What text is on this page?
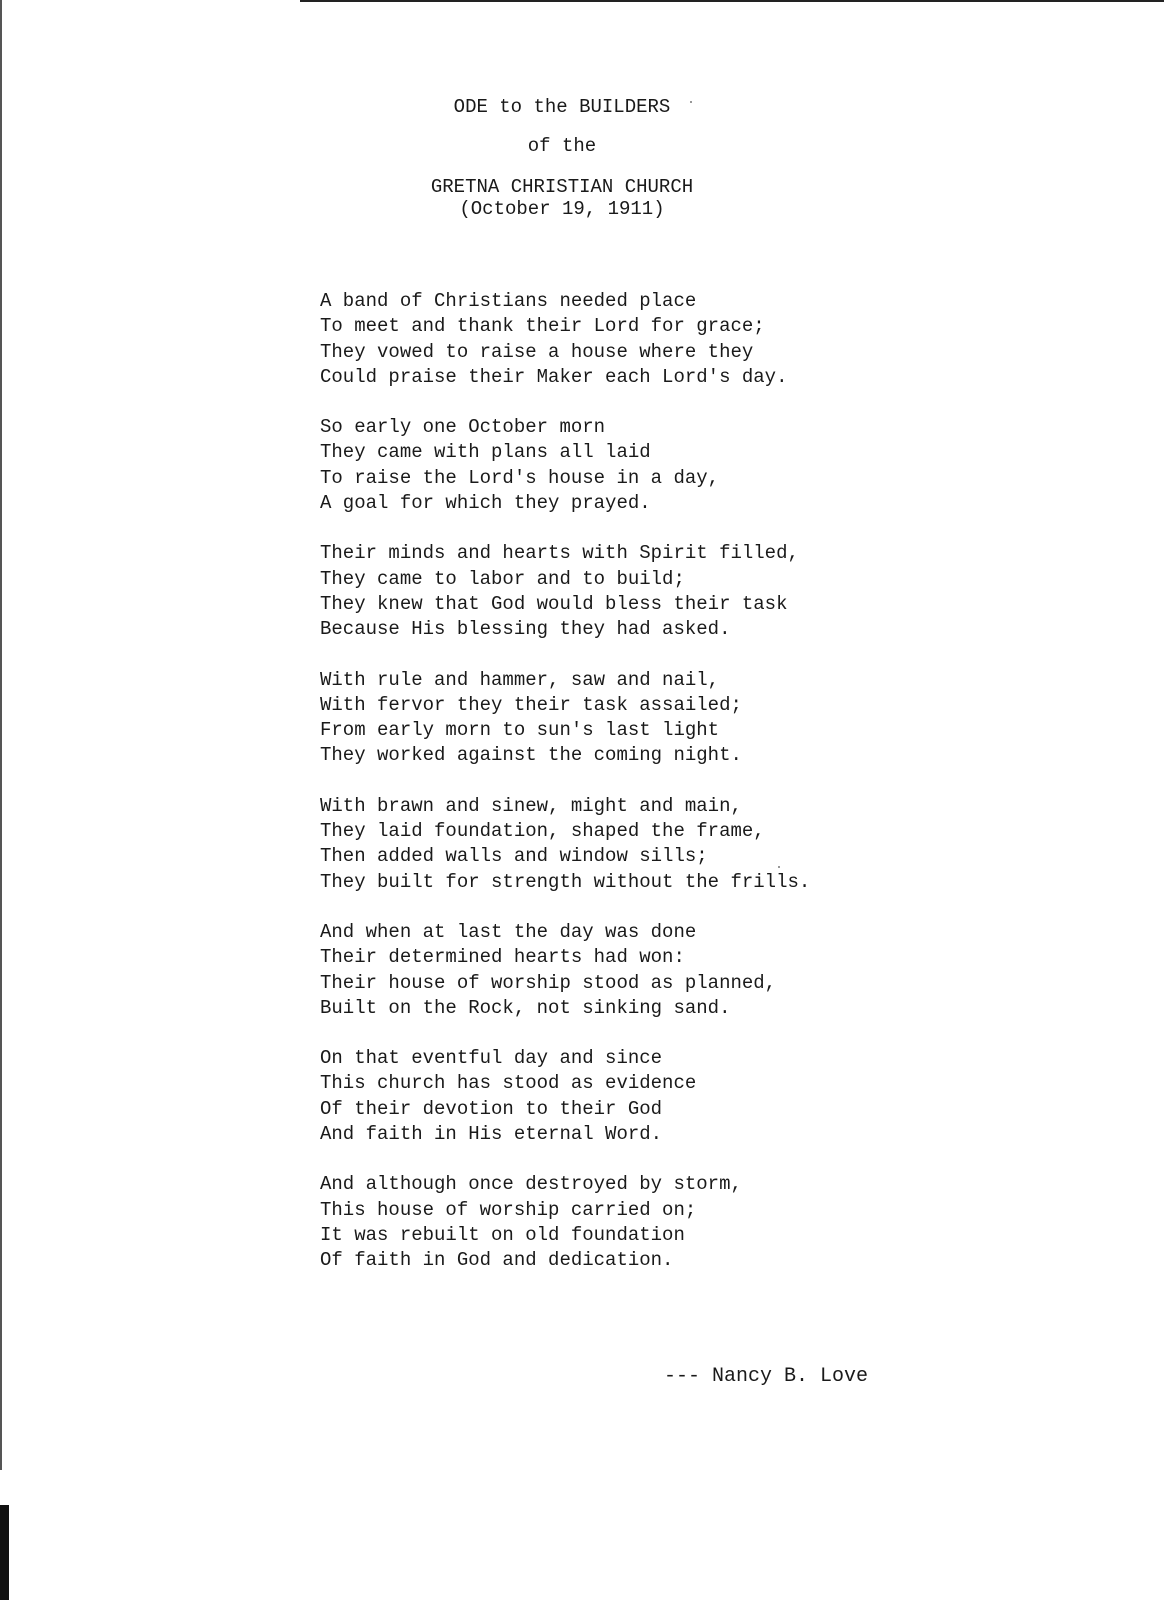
ODE to the BUILDERS
of the
GRETNA CHRISTIAN CHURCH
(October 19, 1911)
A band of Christians needed place
To meet and thank their Lord for grace;
They vowed to raise a house where they
Could praise their Maker each Lord's day.
So early one October morn
They came with plans all laid
To raise the Lord's house in a day,
A goal for which they prayed.
Their minds and hearts with Spirit filled,
They came to labor and to build;
They knew that God would bless their task
Because His blessing they had asked.
With rule and hammer, saw and nail,
With fervor they their task assailed;
From early morn to sun's last light
They worked against the coming night.
With brawn and sinew, might and main,
They laid foundation, shaped the frame,
Then added walls and window sills;
They built for strength without the frills.
And when at last the day was done
Their determined hearts had won:
Their house of worship stood as planned,
Built on the Rock, not sinking sand.
On that eventful day and since
This church has stood as evidence
Of their devotion to their God
And faith in His eternal Word.
And although once destroyed by storm,
This house of worship carried on;
It was rebuilt on old foundation
Of faith in God and dedication.
--- Nancy B. Love
